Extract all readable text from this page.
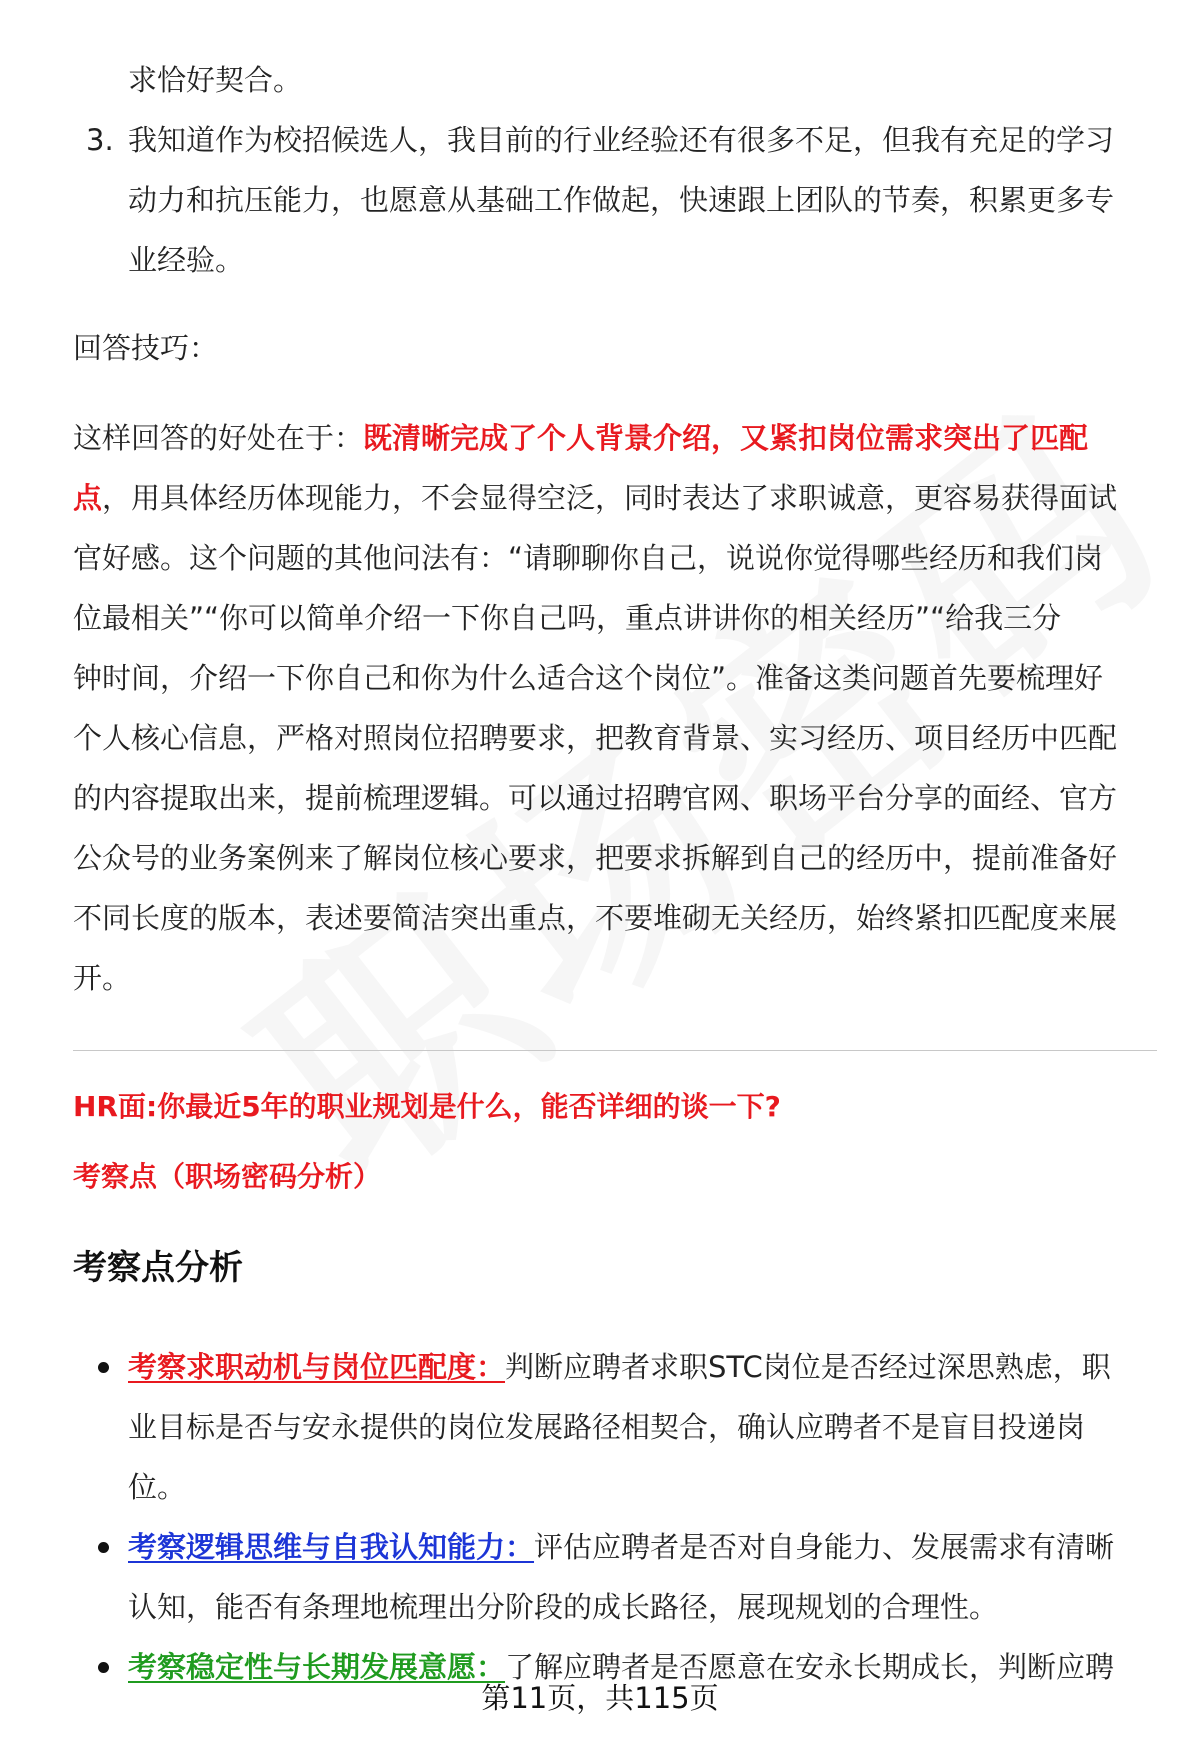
求恰好契合。
3. 我知道作为校招候选人，我目前的行业经验还有很多不足，但我有充足的学习
动力和抗压能力，也愿意从基础工作做起，快速跟上团队的节奏，积累更多专
业经验。
回答技巧：
这样回答的好处在于：既清晰完成了个人背景介绍，又紧扣岗位需求突出了匹配
点，用具体经历体现能力，不会显得空泛，同时表达了求职诚意，更容易获得面试
官好感。这个问题的其他问法有：“请聊聊你自己，说说你觉得哪些经历和我们岗
位最相关”“你可以简单介绍一下你自己吗，重点讲讲你的相关经历”“给我三分
钟时间，介绍一下你自己和你为什么适合这个岗位”。准备这类问题首先要梳理好
个人核心信息，严格对照岗位招聘要求，把教育背景、实习经历、项目经历中匹配
的内容提取出来，提前梳理逻辑。可以通过招聘官网、职场平台分享的面经、官方
公众号的业务案例来了解岗位核心要求，把要求拆解到自己的经历中，提前准备好
不同长度的版本，表述要简洁突出重点，不要堆砌无关经历，始终紧扣匹配度来展
开。
HR面:你最近5年的职业规划是什么，能否详细的谈一下?
考察点（职场密码分析）
考察点分析
考察求职动机与岗位匹配度：判断应聘者求职STC岗位是否经过深思熟虑，职
业目标是否与安永提供的岗位发展路径相契合，确认应聘者不是盲目投递岗
位。
考察逻辑思维与自我认知能力：评估应聘者是否对自身能力、发展需求有清晰
认知，能否有条理地梳理出分阶段的成长路径，展现规划的合理性。
考察稳定性与长期发展意愿：了解应聘者是否愿意在安永长期成长，判断应聘
第11页，共115页
